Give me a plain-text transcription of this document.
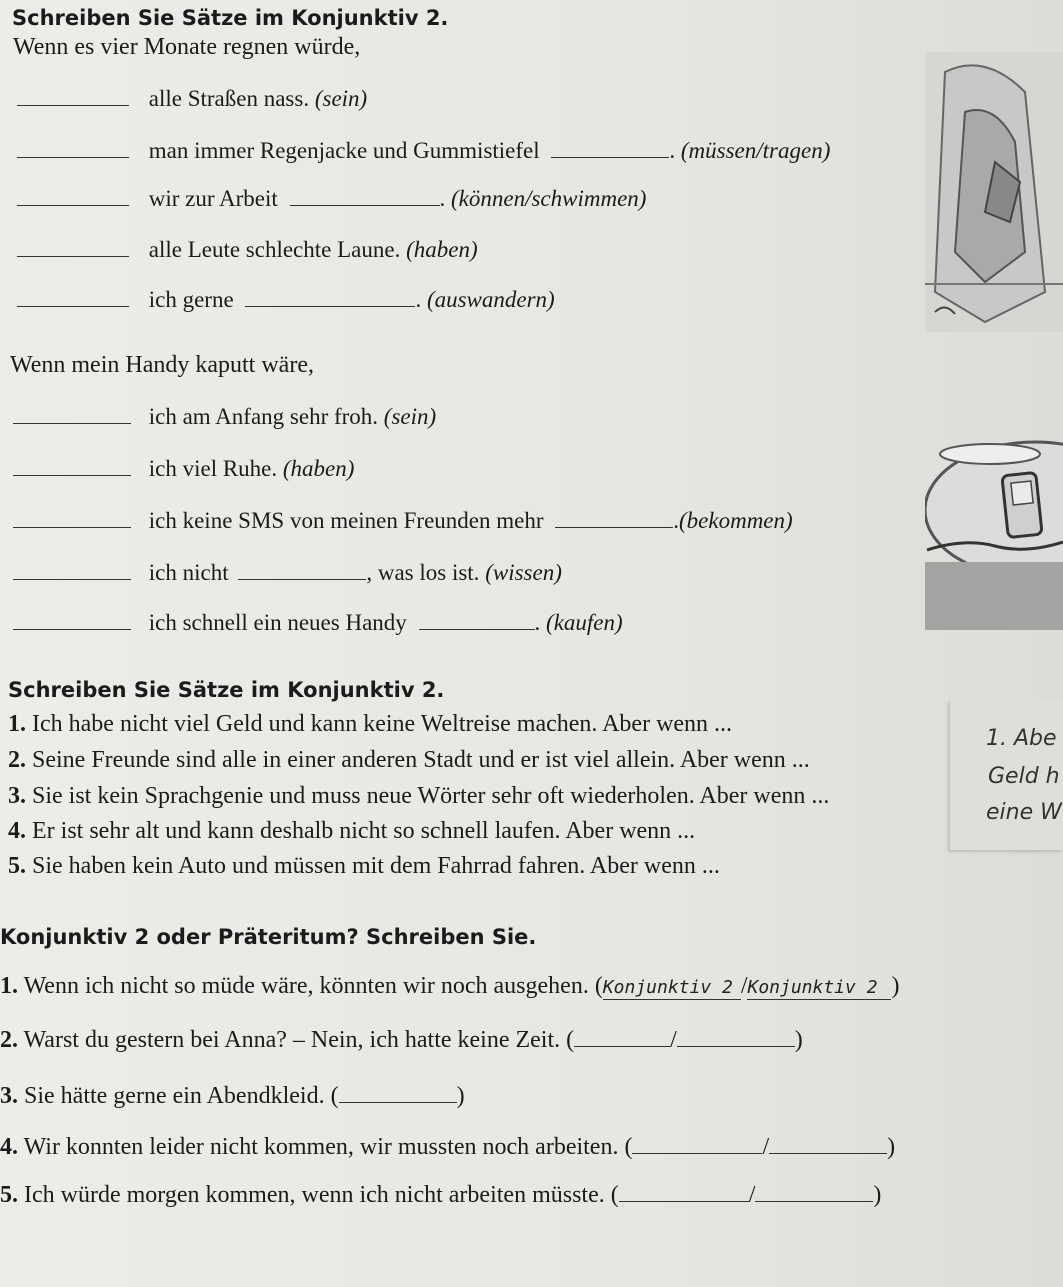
Schreiben Sie Sätze im Konjunktiv 2.
Wenn es vier Monate regnen würde,
alle Straßen nass. (sein)
man immer Regenjacke und Gummistiefel	. (müssen/tragen)
wir zur Arbeit	. (können/schwimmen)
alle Leute schlechte Laune. (haben)
ich gerne	. (auswandern)
Wenn mein Handy kaputt wäre,
ich am Anfang sehr froh. (sein)
ich viel Ruhe. (haben)
ich keine SMS von meinen Freunden mehr	.(bekommen)
ich nicht	, was los ist. (wissen)
ich schnell ein neues Handy	. (kaufen)
Schreiben Sie Sätze im Konjunktiv 2.
1. Ich habe nicht viel Geld und kann keine Weltreise machen. Aber wenn ...
2. Seine Freunde sind alle in einer anderen Stadt und er ist viel allein. Aber wenn ...
3. Sie ist kein Sprachgenie und muss neue Wörter sehr oft wiederholen. Aber wenn ...
4. Er ist sehr alt und kann deshalb nicht so schnell laufen. Aber wenn ...
5. Sie haben kein Auto und müssen mit dem Fahrrad fahren. Aber wenn ...
1. Abe
Geld h
eine W
Konjunktiv 2 oder Präteritum? Schreiben Sie.
1. Wenn ich nicht so müde wäre, könnten wir noch ausgehen. (Konjunktiv 2 /Konjunktiv 2 )
2. Warst du gestern bei Anna? – Nein, ich hatte keine Zeit. (	/	)
3. Sie hätte gerne ein Abendkleid. (	)
4. Wir konnten leider nicht kommen, wir mussten noch arbeiten. (	/	)
5. Ich würde morgen kommen, wenn ich nicht arbeiten müsste. (	/	)
